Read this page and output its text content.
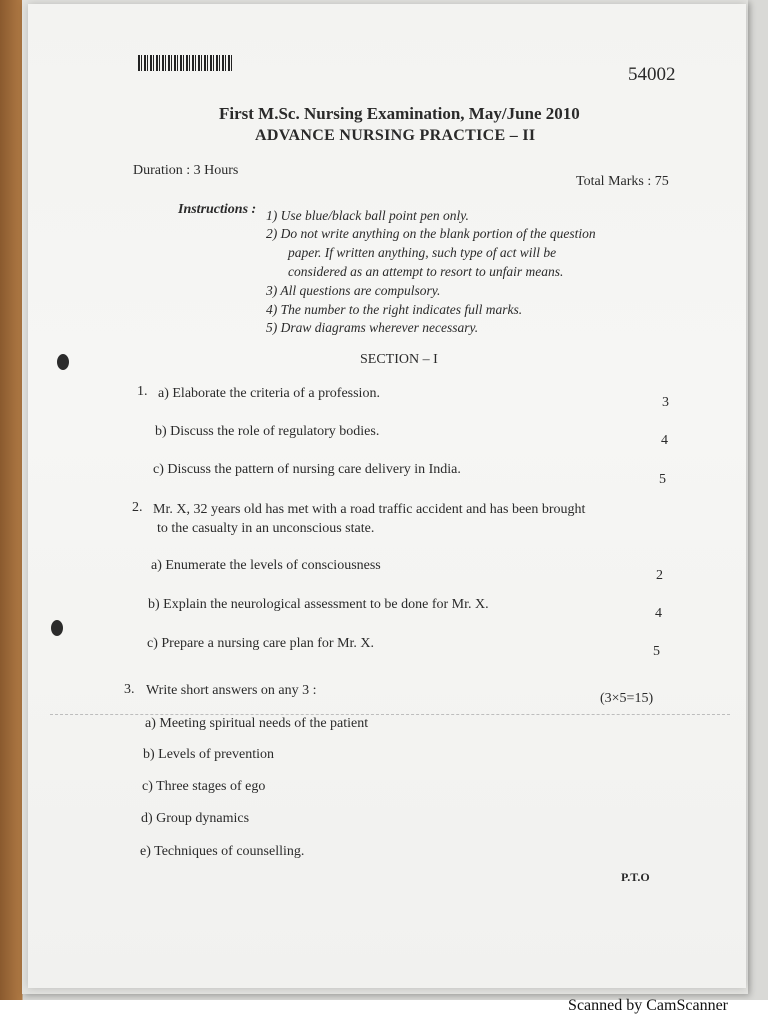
54002
First M.Sc. Nursing Examination, May/June 2010
ADVANCE NURSING PRACTICE – II
Duration : 3 Hours
Total Marks : 75
Instructions : 1) Use blue/black ball point pen only.
2) Do not write anything on the blank portion of the question
paper. If written anything, such type of act will be
considered as an attempt to resort to unfair means.
3) All questions are compulsory.
4) The number to the right indicates full marks.
5) Draw diagrams wherever necessary.
SECTION – I
1. a) Elaborate the criteria of a profession.
3
b) Discuss the role of regulatory bodies.
4
c) Discuss the pattern of nursing care delivery in India.
5
2. Mr. X, 32 years old has met with a road traffic accident and has been brought
to the casualty in an unconscious state.
a) Enumerate the levels of consciousness
2
b) Explain the neurological assessment to be done for Mr. X.
4
c) Prepare a nursing care plan for Mr. X.
5
3. Write short answers on any 3 :
(3×5=15)
a) Meeting spiritual needs of the patient
b) Levels of prevention
c) Three stages of ego
d) Group dynamics
e) Techniques of counselling.
P.T.O
Scanned by CamScanner
